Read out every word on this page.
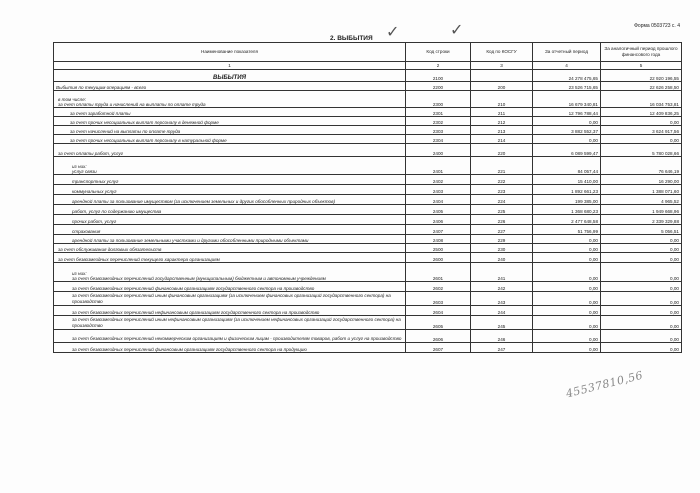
Форма 0503723 с. 4
2. ВЫБЫТИЯ ✓	✓
45537810,56
Наименование показателя	Код строки	Код по КОСГУ	За отчетный период	За аналогичный период прошлого финансового года
1	2	3	4	5
ВЫБЫТИЯ	2100		24 278 475,65	22 920 196,55
Выбытия по текущим операциям - всего	2200	200	23 526 715,65	22 626 258,50

в том числе:
за счет оплаты труда и начислений на выплаты по оплате труда	2300	210	16 679 340,81	16 034 753,81
за счет заработной платы	2301	211	12 796 788,44	12 409 836,25
за счет прочих несоциальных выплат персоналу в денежной форме	2302	212	0,00	0,00
за счет начислений на выплаты по оплате труда	2303	213	3 882 552,37	3 624 917,56
за счет прочих несоциальных выплат персоналу в натуральной форме	2304	214	0,00	0,00
за счет оплаты работ, услуг	2400	220	6 089 599,47	5 780 028,66

из них:
услуг связи	2401	221	84 057,44	76 646,19
транспортных услуг	2402	222	15 410,00	16 290,00
коммунальных услуг	2403	223	1 892 661,23	1 388 071,60
арендной платы за пользование имуществом (за исключением земельных и других обособленных природных объектов)	2404	224	199 385,00	4 965,52
работ, услуг по содержанию имущества	2405	225	1 368 680,23	1 949 668,96
прочих работ, услуг	2406	226	2 477 648,58	2 339 329,88
страхования	2407	227	51 756,99	5 056,51
арендной платы за пользование земельными участками и другими обособленными природными объектами	2408	229	0,00	0,00
за счет обслуживания долговых обязательств	2500	230	0,00	0,00
за счет безвозмездных перечислений текущего характера организациям	2600	240	0,00	0,00

из них:
за счет безвозмездных перечислений государственным (муниципальным) бюджетным и автономным учреждениям	2601	241	0,00	0,00
за счет безвозмездных перечислений финансовым организациям государственного сектора на производство	2602	242	0,00	0,00
за счет безвозмездных перечислений иным финансовым организациям (за исключением финансовых организаций государственного сектора) на производство	2603	243	0,00	0,00
за счет безвозмездных перечислений нефинансовым организациям государственного сектора на производство	2604	244	0,00	0,00
за счет безвозмездных перечислений иным нефинансовым организациям (за исключением нефинансовых организаций государственного сектора) на производство	2605	245	0,00	0,00
за счет безвозмездных перечислений некоммерческим организациям и физическим лицам - производителям товаров, работ и услуг на производство	2606	246	0,00	0,00
за счет безвозмездных перечислений финансовым организациям государственного сектора на продукцию	2607	247	0,00	0,00
